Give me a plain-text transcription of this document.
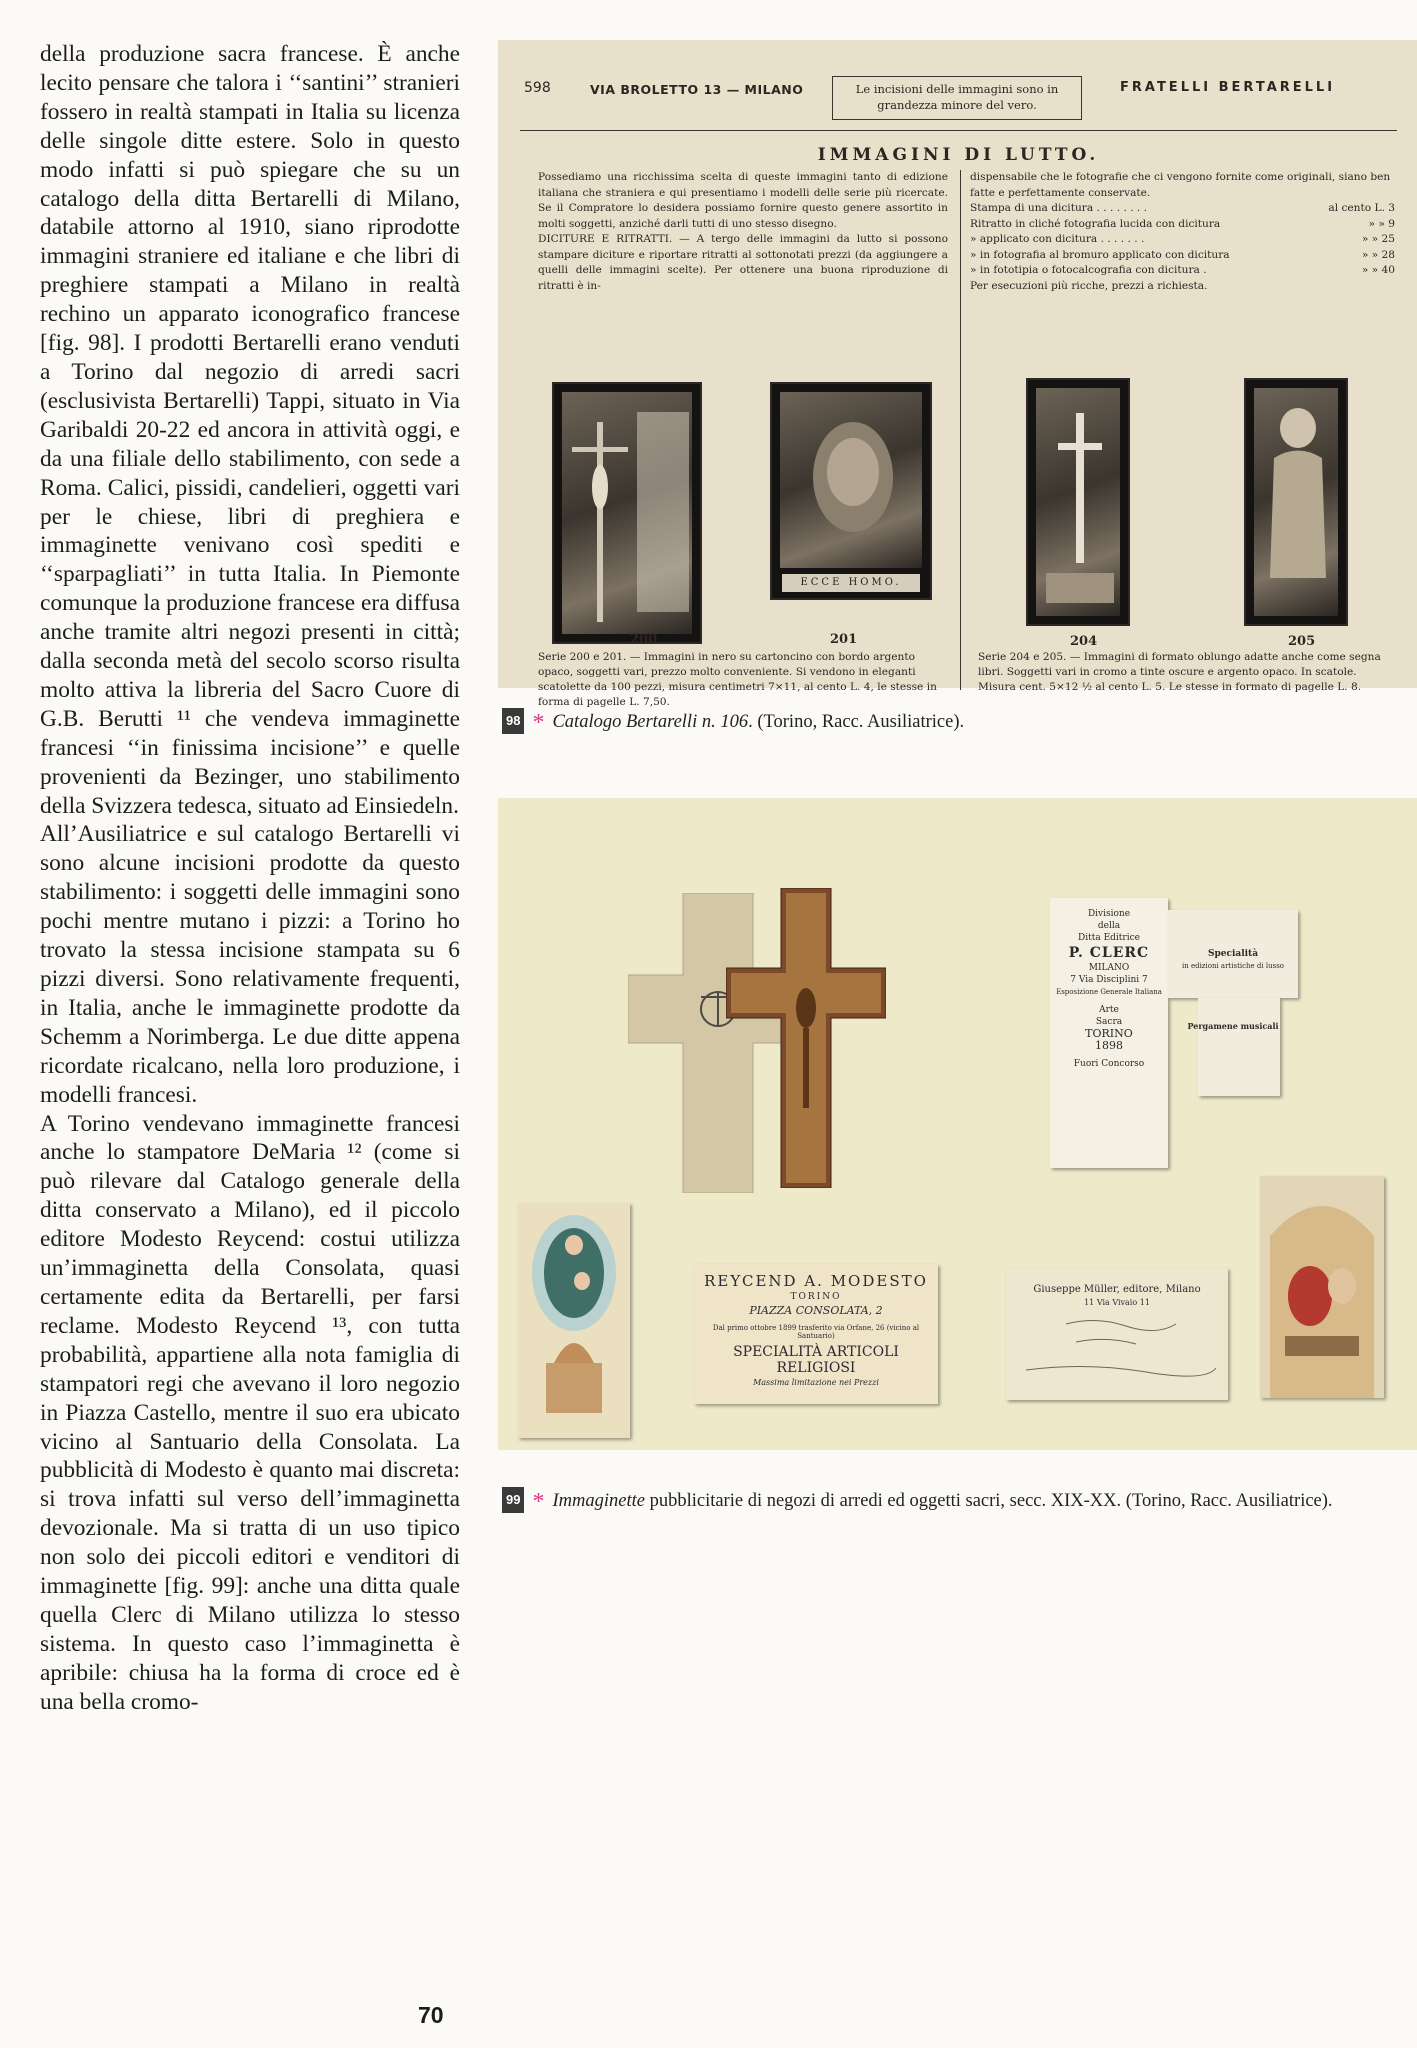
della produzione sacra francese. È anche lecito pensare che talora i ‘‘santini’’ stranieri fossero in realtà stampati in Italia su licenza delle singole ditte estere. Solo in questo modo infatti si può spiegare che su un catalogo della ditta Bertarelli di Milano, databile attorno al 1910, siano riprodotte immagini straniere ed italiane e che libri di preghiere stampati a Milano in realtà rechino un apparato iconografico francese [fig. 98]. I prodotti Bertarelli erano venduti a Torino dal negozio di arredi sacri (esclusivista Bertarelli) Tappi, situato in Via Garibaldi 20-22 ed ancora in attività oggi, e da una filiale dello stabilimento, con sede a Roma. Calici, pissidi, candelieri, oggetti vari per le chiese, libri di preghiera e immaginette venivano così spediti e ‘‘sparpagliati’’ in tutta Italia. In Piemonte comunque la produzione francese era diffusa anche tramite altri negozi presenti in città; dalla seconda metà del secolo scorso risulta molto attiva la libreria del Sacro Cuore di G.B. Berutti ¹¹ che vendeva immaginette francesi ‘‘in finissima incisione’’ e quelle provenienti da Bezinger, uno stabilimento della Svizzera tedesca, situato ad Einsiedeln.

All’Ausiliatrice e sul catalogo Bertarelli vi sono alcune incisioni prodotte da questo stabilimento: i soggetti delle immagini sono pochi mentre mutano i pizzi: a Torino ho trovato la stessa incisione stampata su 6 pizzi diversi. Sono relativamente frequenti, in Italia, anche le immaginette prodotte da Schemm a Norimberga. Le due ditte appena ricordate ricalcano, nella loro produzione, i modelli francesi.

A Torino vendevano immaginette francesi anche lo stampatore DeMaria ¹² (come si può rilevare dal Catalogo generale della ditta conservato a Milano), ed il piccolo editore Modesto Reycend: costui utilizza un’immaginetta della Consolata, quasi certamente edita da Bertarelli, per farsi reclame. Modesto Reycend ¹³, con tutta probabilità, appartiene alla nota famiglia di stampatori regi che avevano il loro negozio in Piazza Castello, mentre il suo era ubicato vicino al Santuario della Consolata. La pubblicità di Modesto è quanto mai discreta: si trova infatti sul verso dell’immaginetta devozionale. Ma si tratta di un uso tipico non solo dei piccoli editori e venditori di immaginette [fig. 99]: anche una ditta quale quella Clerc di Milano utilizza lo stesso sistema. In questo caso l’immaginetta è apribile: chiusa ha la forma di croce ed è una bella cromo-

70
598	VIA BROLETTO 13 — MILANO	Le incisioni delle immagini sono in grandezza minore del vero.
FRATELLI BERTARELLI
IMMAGINI DI LUTTO.

Possediamo una ricchissima scelta di queste immagini tanto di edizione italiana che straniera e qui presentiamo i modelli delle serie più ricercate. Se il Compratore lo desidera possiamo fornire questo genere assortito in molti soggetti, anziché darli tutti di uno stesso disegno.

DICITURE E RITRATTI. — A tergo delle immagini da lutto si possono stampare diciture e riportare ritratti al sottonotati prezzi (da aggiungere a quelli delle immagini scelte). Per ottenere una buona riproduzione di ritratti è in-

dispensabile che le fotografie che ci vengono fornite come originali, siano ben fatte e perfettamente conservate.

Stampa di una dicitura . . . . . . . .	al cento L. 3
Ritratto in cliché fotografia lucida con dicitura	» » 9
» applicato con dicitura . . . . . . .	» » 25
» in fotografia al bromuro applicato con dicitura	» » 28
» in fototipia o fotocalcografia con dicitura .	» » 40

Per esecuzioni più ricche, prezzi a richiesta.

ECCE HOMO.
200	201	204	205
Serie 200 e 201. — Immagini in nero su cartoncino con bordo argento opaco, soggetti vari, prezzo molto conveniente. Si vendono in eleganti scatolette da 100 pezzi, misura centimetri 7×11, al cento L. 4, le stesse in forma di pagelle L. 7,50.
Serie 204 e 205. — Immagini di formato oblungo adatte anche come segna libri. Soggetti vari in cromo a tinte oscure e argento opaco. In scatole. Misura cent. 5×12 ½ al cento L. 5. Le stesse in formato di pagelle L. 8.
98 * Catalogo Bertarelli n. 106. (Torino, Racc. Ausiliatrice).
Divisione
della
Ditta Editrice
P. CLERC
MILANO
7 Via Disciplini 7
Esposizione Generale Italiana
Arte
Sacra
TORINO
1898
Fuori Concorso
Specialità
in edizioni artistiche di lusso
Pergamene musicali
REYCEND A. MODESTO
TORINO
PIAZZA CONSOLATA, 2
Dal primo ottobre 1899 trasferito via Orfane, 26 (vicino al Santuario)
SPECIALITÀ ARTICOLI RELIGIOSI
Massima limitazione nei Prezzi
Giuseppe Müller, editore, Milano
11 Via Vivaio 11
99 * Immaginette pubblicitarie di negozi di arredi ed oggetti sacri, secc. XIX-XX. (Torino, Racc. Ausiliatrice).
